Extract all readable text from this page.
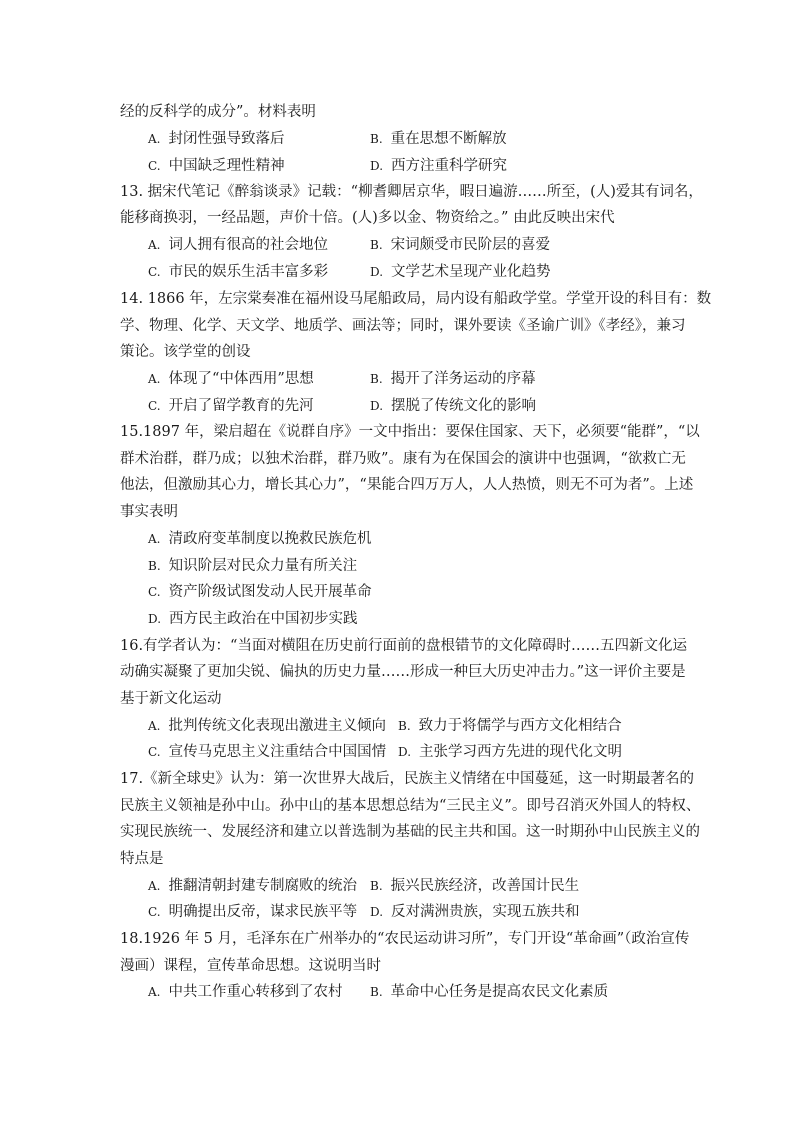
经的反科学的成分”。材料表明
A. 封闭性强导致落后	B. 重在思想不断解放
C. 中国缺乏理性精神	D. 西方注重科学研究
13. 据宋代笔记《醉翁谈录》记载：“柳耆卿居京华，暇日遍游……所至，(人)爱其有词名，
能移商换羽，一经品题，声价十倍。(人)多以金、物资给之。” 由此反映出宋代
A. 词人拥有很高的社会地位	B. 宋词颇受市民阶层的喜爱
C. 市民的娱乐生活丰富多彩	D. 文学艺术呈现产业化趋势
14. 1866 年，左宗棠奏准在福州设马尾船政局，局内设有船政学堂。学堂开设的科目有：数
学、物理、化学、天文学、地质学、画法等；同时，课外要读《圣谕广训》《孝经》，兼习
策论。该学堂的创设
A. 体现了“中体西用”思想	B. 揭开了洋务运动的序幕
C. 开启了留学教育的先河	D. 摆脱了传统文化的影响
15.1897 年，梁启超在《说群自序》一文中指出：要保住国家、天下，必须要“能群”，“以
群术治群，群乃成；以独术治群，群乃败”。康有为在保国会的演讲中也强调，“欲救亡无
他法，但激励其心力，增长其心力”，“果能合四万万人，人人热愤，则无不可为者”。上述
事实表明
A. 清政府变革制度以挽救民族危机
B. 知识阶层对民众力量有所关注
C. 资产阶级试图发动人民开展革命
D. 西方民主政治在中国初步实践
16.有学者认为：“当面对横阻在历史前行面前的盘根错节的文化障碍时……五四新文化运
动确实凝聚了更加尖锐、偏执的历史力量……形成一种巨大历史冲击力。”这一评价主要是
基于新文化运动
A. 批判传统文化表现出激进主义倾向 B. 致力于将儒学与西方文化相结合
C. 宣传马克思主义注重结合中国国情 D. 主张学习西方先进的现代化文明
17.《新全球史》认为：第一次世界大战后，民族主义情绪在中国蔓延，这一时期最著名的
民族主义领袖是孙中山。孙中山的基本思想总结为“三民主义”。即号召消灭外国人的特权、
实现民族统一、发展经济和建立以普选制为基础的民主共和国。这一时期孙中山民族主义的
特点是
A. 推翻清朝封建专制腐败的统治 B. 振兴民族经济，改善国计民生
C. 明确提出反帝，谋求民族平等 D. 反对满洲贵族，实现五族共和
18.1926 年 5 月，毛泽东在广州举办的“农民运动讲习所”，专门开设“革命画”（政治宣传
漫画）课程，宣传革命思想。这说明当时
A. 中共工作重心转移到了农村 B. 革命中心任务是提高农民文化素质
